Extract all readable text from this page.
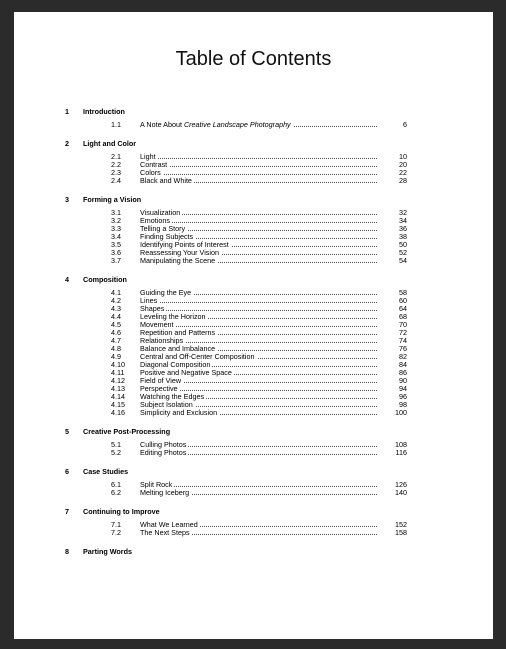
Table of Contents
1 Introduction
1.1	A Note About Creative Landscape Photography	6
2 Light and Color
2.1	Light	10
2.2	Contrast	20
2.3	Colors	22
2.4	Black and White	28
3 Forming a Vision
3.1	Visualization	32
3.2	Emotions	34
3.3	Telling a Story	36
3.4	Finding Subjects	38
3.5	Identifying Points of Interest	50
3.6	Reassessing Your Vision	52
3.7	Manipulating the Scene	54
4 Composition
4.1	Guiding the Eye	58
4.2	Lines	60
4.3	Shapes	64
4.4	Leveling the Horizon	68
4.5	Movement	70
4.6	Repetition and Patterns	72
4.7	Relationships	74
4.8	Balance and Imbalance	76
4.9	Central and Off-Center Composition	82
4.10 Diagonal Composition	84
4.11 Positive and Negative Space	86
4.12 Field of View	90
4.13 Perspective	94
4.14 Watching the Edges	96
4.15 Subject Isolation	98
4.16 Simplicity and Exclusion	100
5 Creative Post-Processing
5.1	Culling Photos	108
5.2	Editing Photos	116
6 Case Studies
6.1	Split Rock	126
6.2	Melting Iceberg	140
7 Continuing to Improve
7.1	What We Learned	152
7.2	The Next Steps	158
8 Parting Words
